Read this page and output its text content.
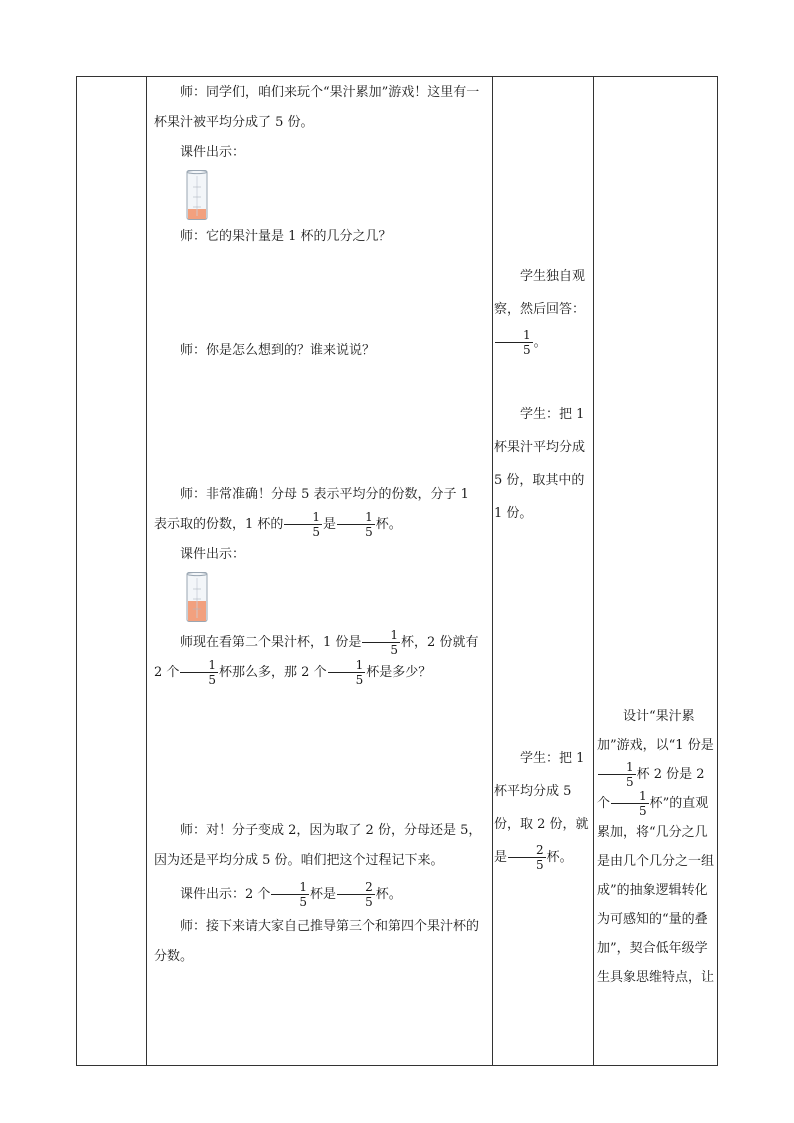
师：同学们，咱们来玩个“果汁累加”游戏！这里有一杯果汁被平均分成了 5 份。

课件出示：

师：它的果汁量是 1 杯的几分之几？

师：你是怎么想到的？谁来说说？

师：非常准确！分母 5 表示平均分的份数，分子 1 表示取的份数，1 杯的 $\frac{1}{5}$ 是 $\frac{1}{5}$ 杯。

课件出示：

师现在看第二个果汁杯，1 份是 $\frac{1}{5}$ 杯，2 份就有 2 个 $\frac{1}{5}$ 杯那么多，那 2 个 $\frac{1}{5}$ 杯是多少？

师：对！分子变成 2，因为取了 2 份，分母还是 5，因为还是平均分成 5 份。咱们把这个过程记下来。

课件出示：2 个 $\frac{1}{5}$ 杯是 $\frac{2}{5}$ 杯。

师：接下来请大家自己推导第三个和第四个果汁杯的分数。

学生独自观察，然后回答：
$\frac{1}{5}$ 。

学生：把 1 杯果汁平均分成 5 份，取其中的 1 份。

学生：把 1 杯平均分成 5 份，取 2 份，就是 $\frac{2}{5}$ 杯。

设计“果汁累加”游戏，以“1 份是
$\frac{1}{5}$ 杯 2 份是 2 个 $\frac{1}{5}$ 杯”的直观累加，将“几分之几是由几个几分之一组成”的抽象逻辑转化为可感知的“量的叠加”，契合低年级学生具象思维特点，让
